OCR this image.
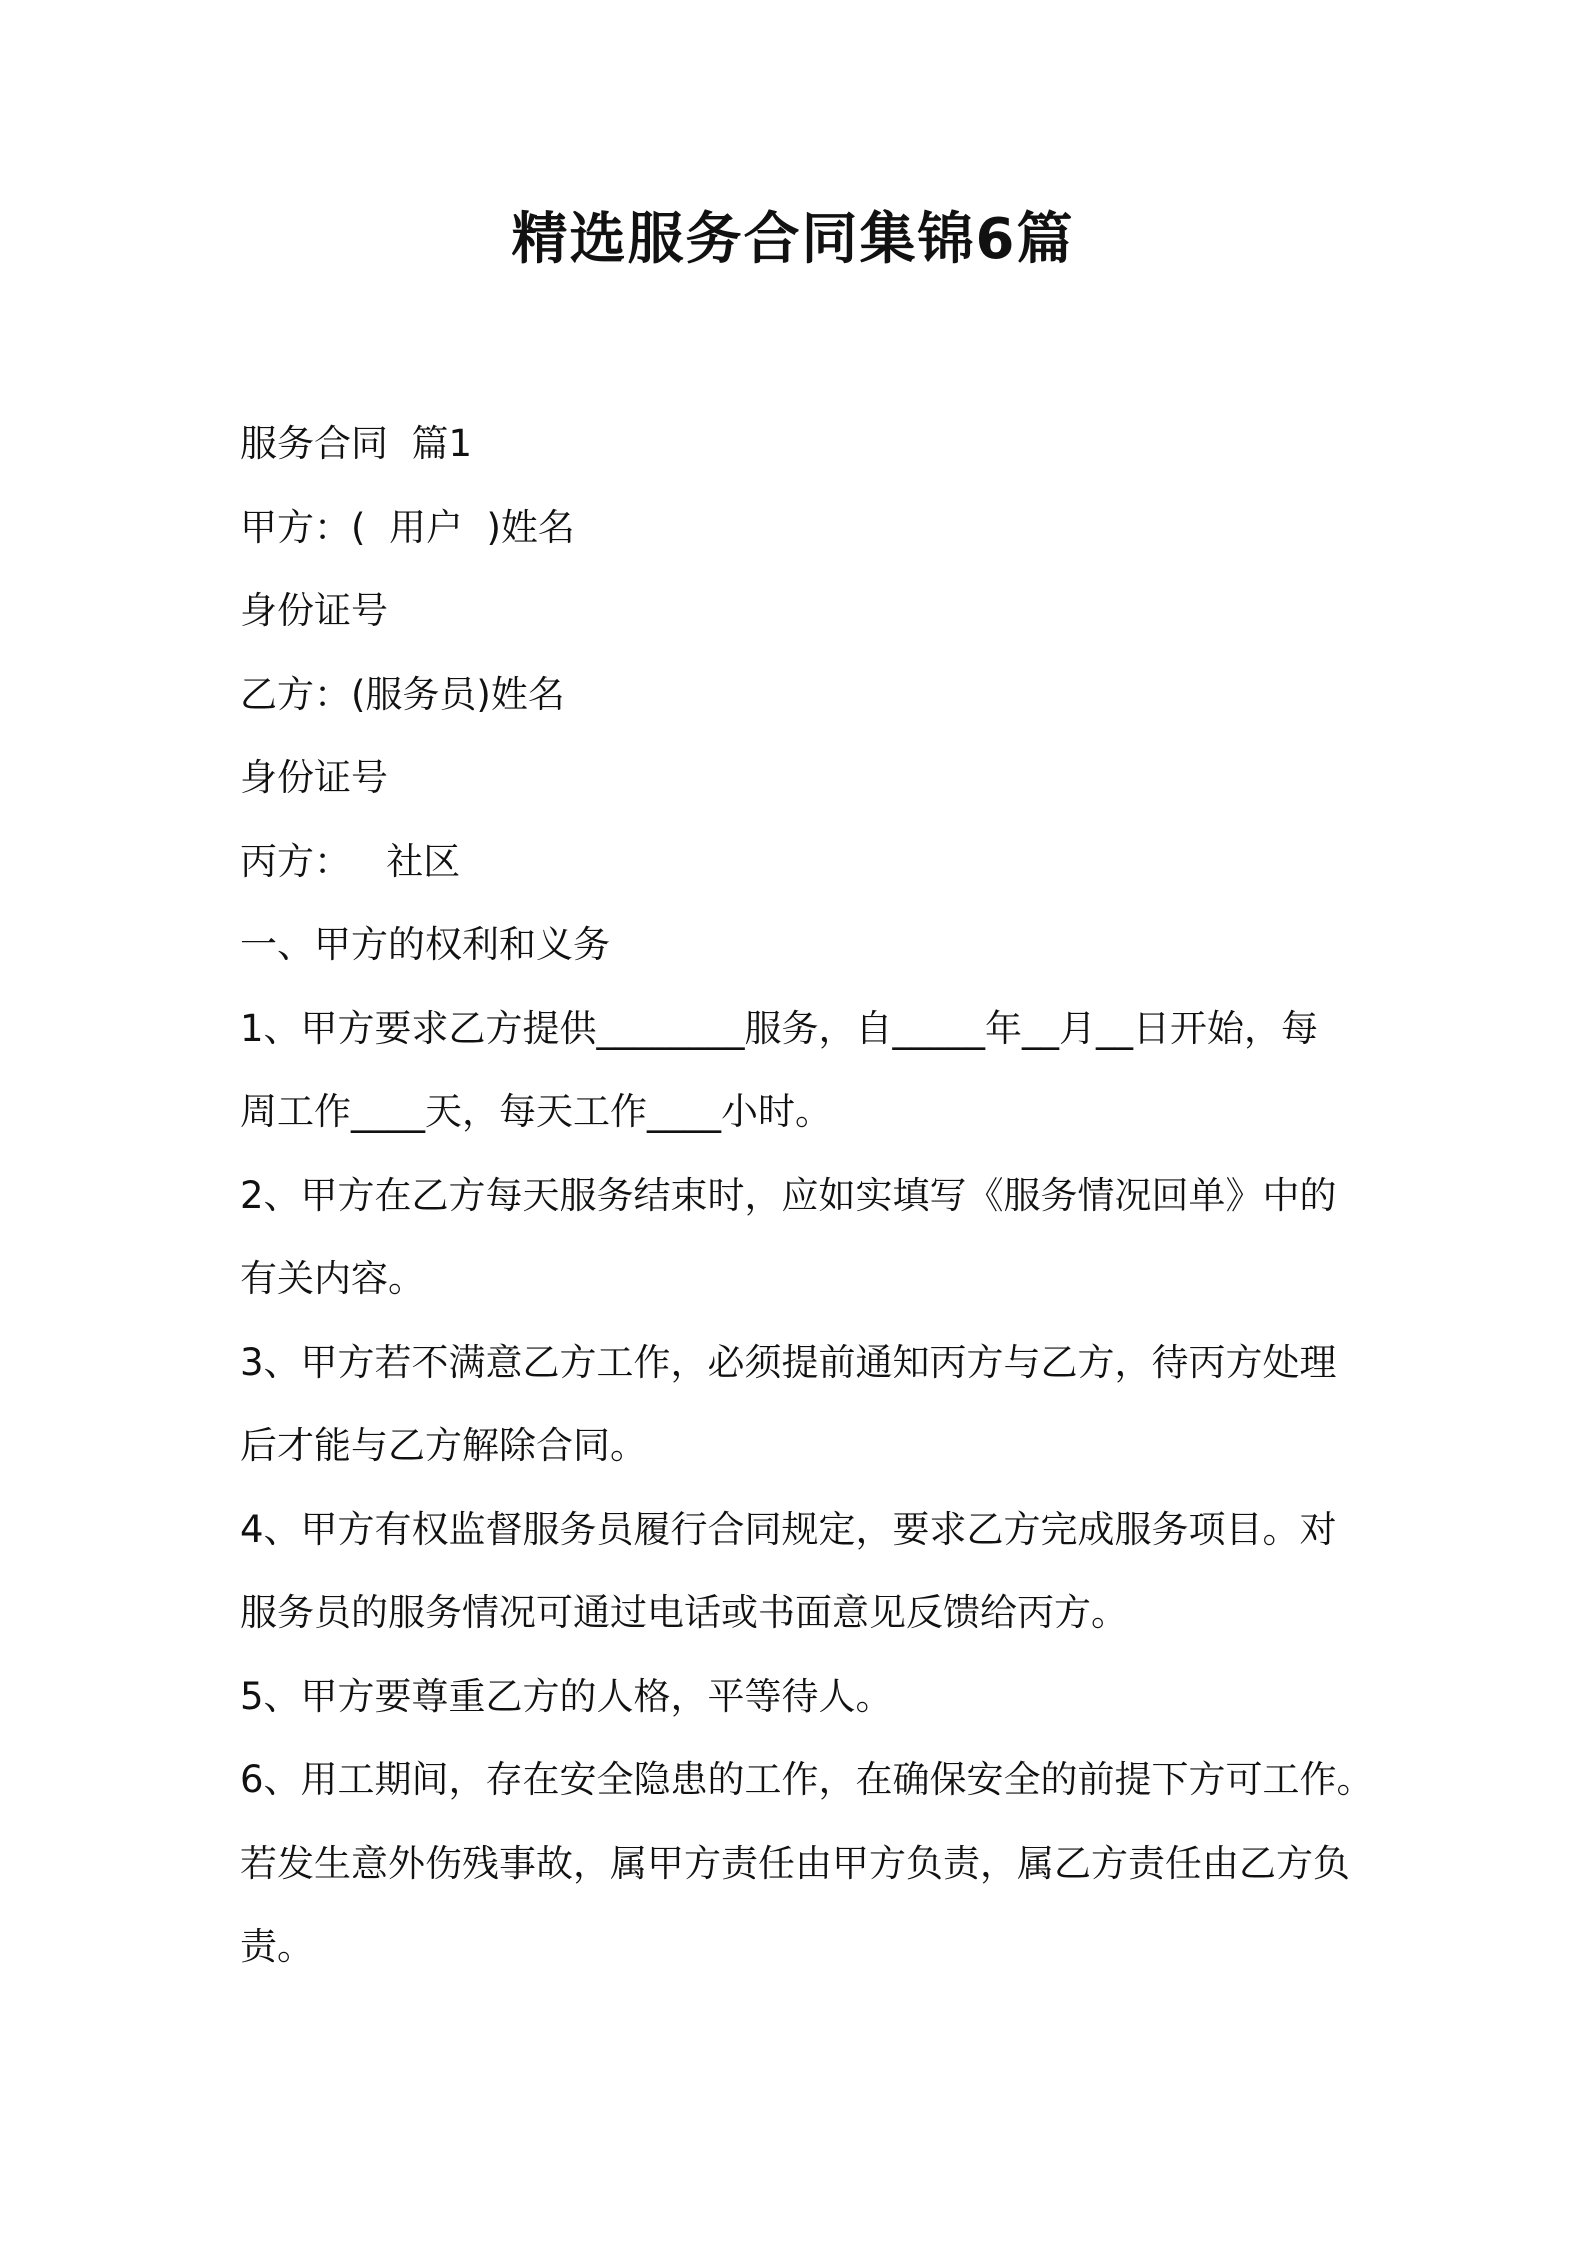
精选服务合同集锦6篇

服务合同  篇1

甲方：(  用户  )姓名

身份证号

乙方：(服务员)姓名

身份证号

丙方：   社区

一、甲方的权利和义务

1、甲方要求乙方提供________服务，自_____年__月__日开始，每

周工作____天，每天工作____小时。

2、甲方在乙方每天服务结束时，应如实填写《服务情况回单》中的

有关内容。

3、甲方若不满意乙方工作，必须提前通知丙方与乙方，待丙方处理

后才能与乙方解除合同。

4、甲方有权监督服务员履行合同规定，要求乙方完成服务项目。对

服务员的服务情况可通过电话或书面意见反馈给丙方。

5、甲方要尊重乙方的人格，平等待人。

6、用工期间，存在安全隐患的工作，在确保安全的前提下方可工作。

若发生意外伤残事故，属甲方责任由甲方负责，属乙方责任由乙方负

责。
